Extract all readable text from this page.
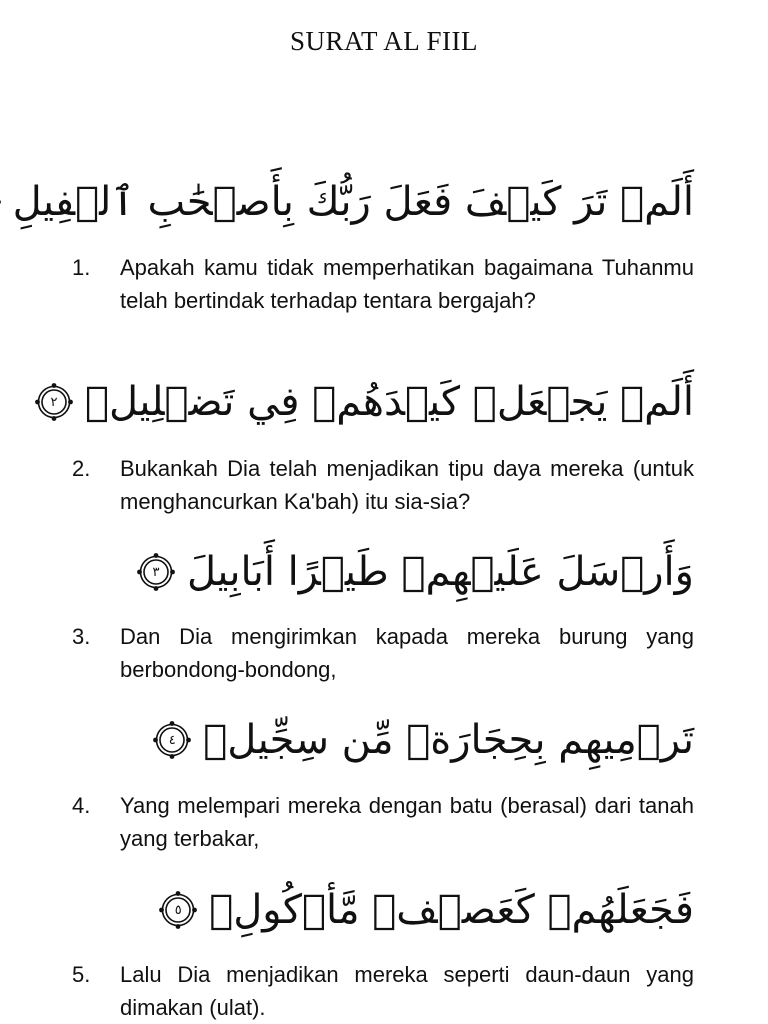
SURAT AL FIIL
أَلَمۡ تَرَ كَيۡفَ فَعَلَ رَبُّكَ بِأَصۡحَٰبِ ٱلۡفِيلِ
1.	Apakah kamu tidak memperhatikan bagaimana Tuhanmu telah bertindak terhadap tentara bergajah?
أَلَمۡ يَجۡعَلۡ كَيۡدَهُمۡ فِي تَضۡلِيلٖ
٢
2.	Bukankah Dia telah menjadikan tipu daya mereka (untuk menghancurkan Ka'bah) itu sia-sia?
وَأَرۡسَلَ عَلَيۡهِمۡ طَيۡرًا أَبَابِيلَ
٣
3.	Dan Dia mengirimkan kapada mereka burung yang berbondong-bondong,
تَرۡمِيهِم بِحِجَارَةٖ مِّن سِجِّيلٖ
٤
4.	Yang melempari mereka dengan batu (berasal) dari tanah yang terbakar,
فَجَعَلَهُمۡ كَعَصۡفٖ مَّأۡكُولِۭ
٥
5.	Lalu Dia menjadikan mereka seperti daun-daun yang dimakan (ulat).
